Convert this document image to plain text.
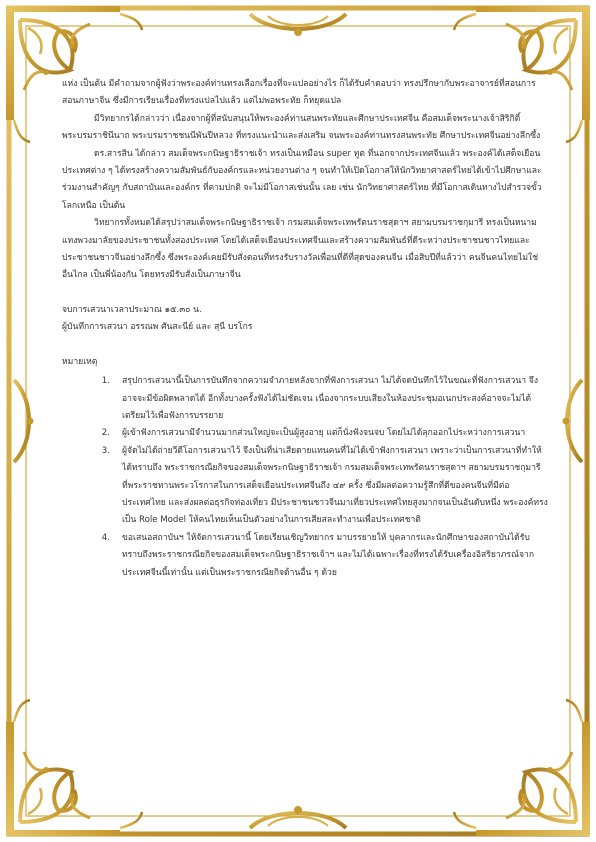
แห่ง เป็นต้น มีคำถามจากผู้ฟังว่าพระองค์ท่านทรงเลือกเรื่องที่จะแปลอย่างไร ก็ได้รับคำตอบว่า ทรงปรึกษากับพระอาจารย์ที่สอนการสอนภาษาจีน ซึ่งมีการเรียนเรื่องที่ทรงแปลไปแล้ว แต่ไม่พอพระทัย ก็หยุดแปล

มีวิทยากรได้กล่าวว่า เนื่องจากผู้ที่สนับสนุนให้พระองค์ท่านสนพระทัยและศึกษาประเทศจีน คือสมเด็จพระนางเจ้าสิริกิติ์ พระบรมราชินีนาถ พระบรมราชชนนีพันปีหลวง ที่ทรงแนะนำและส่งเสริม จนพระองค์ท่านทรงสนพระทัย ศึกษาประเทศจีนอย่างลึกซึ้ง

ดร.สารสิน ได้กล่าว สมเด็จพระกนิษฐาธิราชเจ้า ทรงเป็นเหมือน super ทูต ที่นอกจากประเทศจีนแล้ว พระองค์ได้เสด็จเยือนประเทศต่าง ๆ ได้ทรงสร้างความสัมพันธ์กับองค์กรและหน่วยงานต่าง ๆ จนทำให้เปิดโอกาสให้นักวิทยาศาสตร์ไทยได้เข้าไปศึกษาและร่วมงานสำคัญๆ กับสถาบันและองค์กร ที่ตามปกติ จะไม่มีโอกาสเช่นนั้น เลย เช่น นักวิทยาศาสตร์ไทย ที่มีโอกาสเดินทางไปสำรวจขั้วโลกเหนือ เป็นต้น

วิทยากรทั้งหมดได้สรุปว่าสมเด็จพระกนิษฐาธิราชเจ้า กรมสมเด็จพระเทพรัตนราชสุดาฯ สยามบรมราชกุมารี ทรงเป็นหนามแทงพวงมาลัยของประชาชนทั้งสองประเทศ โดยได้เสด็จเยือนประเทศจีนและสร้างความสัมพันธ์ที่ดีระหว่างประชาชนชาวไทยและประชาชนชาวจีนอย่างลึกซึ้ง ซึ่งพระองค์เคยมีรับสั่งตอนที่ทรงรับรางวัลเพื่อนที่ดีที่สุดของคนจีน เมื่อสิบปีที่แล้วว่า คนจีนคนไทยไม่ใช่อื่นไกล เป็นพี่น้องกัน โดยทรงมีรับสั่งเป็นภาษาจีน

จบการเสวนาเวลาประมาณ ๑๕.๓๐ น.

ผู้บันทึกการเสวนา อรรณพ ศันสะนีย์ และ สุนี บรโกร

หมายเหตุ

1.	สรุปการเสวนานี้เป็นการบันทึกจากความจำภายหลังจากที่ฟังการเสวนา ไม่ได้จดบันทึกไว้ในขณะที่ฟังการเสวนา จึงอาจจะมีข้อผิดพลาดได้ อีกทั้งบางครั้งฟังได้ไม่ชัดเจน เนื่องจากระบบเสียงในห้องประชุมอเนกประสงค์อาจจะไม่ได้เตรียมไว้เพื่อฟังการบรรยาย
2.	ผู้เข้าฟังการเสวนามีจำนวนมากส่วนใหญ่จะเป็นผู้สูงอายุ แต่ก็นั่งฟังจนจบ โดยไม่ได้ลุกออกไประหว่างการเสวนา
3.	ผู้จัดไม่ได้ถ่ายวีดีโอการเสวนาไว้ จึงเป็นที่น่าเสียดายแทนคนที่ไม่ได้เข้าฟังการเสวนา เพราะว่าเป็นการเสวนาที่ทำให้ได้ทราบถึง พระราชกรณียกิจของสมเด็จพระกนิษฐาธิราชเจ้า กรมสมเด็จพระเทพรัตนราชสุดาฯ สยามบรมราชกุมารี ที่พระราชทานพระวโรกาสในการเสด็จเยือนประเทศจีนถึง ๔๙ ครั้ง ซึ่งมีผลต่อความรู้สึกที่ดีของคนจีนที่มีต่อประเทศไทย และส่งผลต่อธุรกิจท่องเที่ยว มีประชาชนชาวจีนมาเที่ยวประเทศไทยสูงมากจนเป็นอันดับหนึ่ง พระองค์ทรงเป็น Role Model ให้คนไทยเห็นเป็นตัวอย่างในการเสียสละทำงานเพื่อประเทศชาติ
4.	ขอเสนอสถาบันฯ ให้จัดการเสวนานี้ โดยเรียนเชิญวิทยากร มาบรรยายให้ บุคลากรและนักศึกษาของสถาบันได้รับทราบถึงพระราชกรณียกิจของสมเด็จพระกนิษฐาธิราชเจ้าฯ และไม่ได้เฉพาะเรื่องที่ทรงได้รับเครื่องอิสริยาภรณ์จากประเทศจีนนี้เท่านั้น แต่เป็นพระราชกรณียกิจด้านอื่น ๆ ด้วย
